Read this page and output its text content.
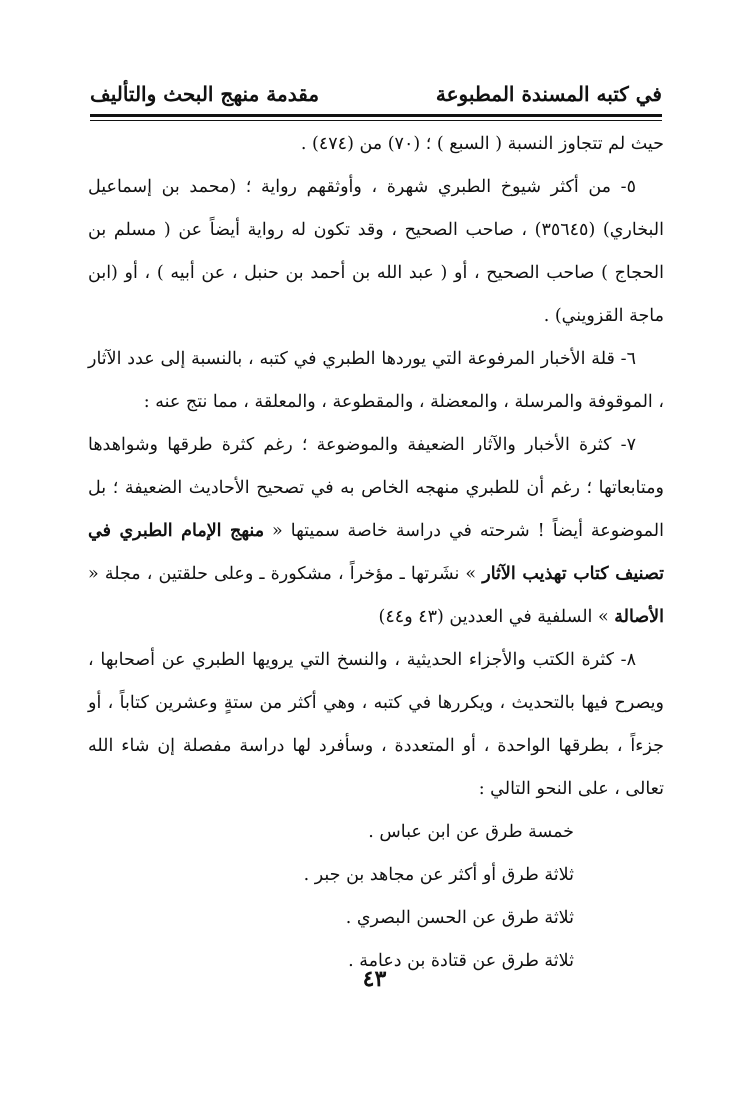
في كتبه المسندة المطبوعة
مقدمة منهج البحث والتأليف

حيث لم تتجاوز النسبة ( السبع ) ؛ (٧٠) من (٤٧٤) .

٥- من أكثر شيوخ الطبري شهرة ، وأوثقهم رواية ؛ (محمد بن إسماعيل البخاري) (٣٥٦٤٥) ، صاحب الصحيح ، وقد تكون له رواية أيضاً عن ( مسلم بن الحجاج ) صاحب الصحيح ، أو ( عبد الله بن أحمد بن حنبل ، عن أبيه ) ، أو (ابن ماجة القزويني) .

٦- قلة الأخبار المرفوعة التي يوردها الطبري في كتبه ، بالنسبة إلى عدد الآثار ، الموقوفة والمرسلة ، والمعضلة ، والمقطوعة ، والمعلقة ، مما نتج عنه :

٧- كثرة الأخبار والآثار الضعيفة والموضوعة ؛ رغم كثرة طرقها وشواهدها ومتابعاتها ؛ رغم أن للطبري منهجه الخاص به في تصحيح الأحاديث الضعيفة ؛ بل الموضوعة أيضاً ! شرحته في دراسة خاصة سميتها « منهج الإمام الطبري في تصنيف كتاب تهذيب الآثار » نشَرتها ـ مؤخراً ، مشكورة ـ وعلى حلقتين ، مجلة « الأصالة » السلفية في العددين (٤٣ و٤٤)

٨- كثرة الكتب والأجزاء الحديثية ، والنسخ التي يرويها الطبري عن أصحابها ، ويصرح فيها بالتحديث ، ويكررها في كتبه ، وهي أكثر من ستةٍ وعشرين كتاباً ، أو جزءاً ، بطرقها الواحدة ، أو المتعددة ، وسأفرد لها دراسة مفصلة إن شاء الله تعالى ، على النحو التالي :

خمسة طرق عن ابن عباس .

ثلاثة طرق أو أكثر عن مجاهد بن جبر .

ثلاثة طرق عن الحسن البصري .

ثلاثة طرق عن قتادة بن دعامة .

٤٣
